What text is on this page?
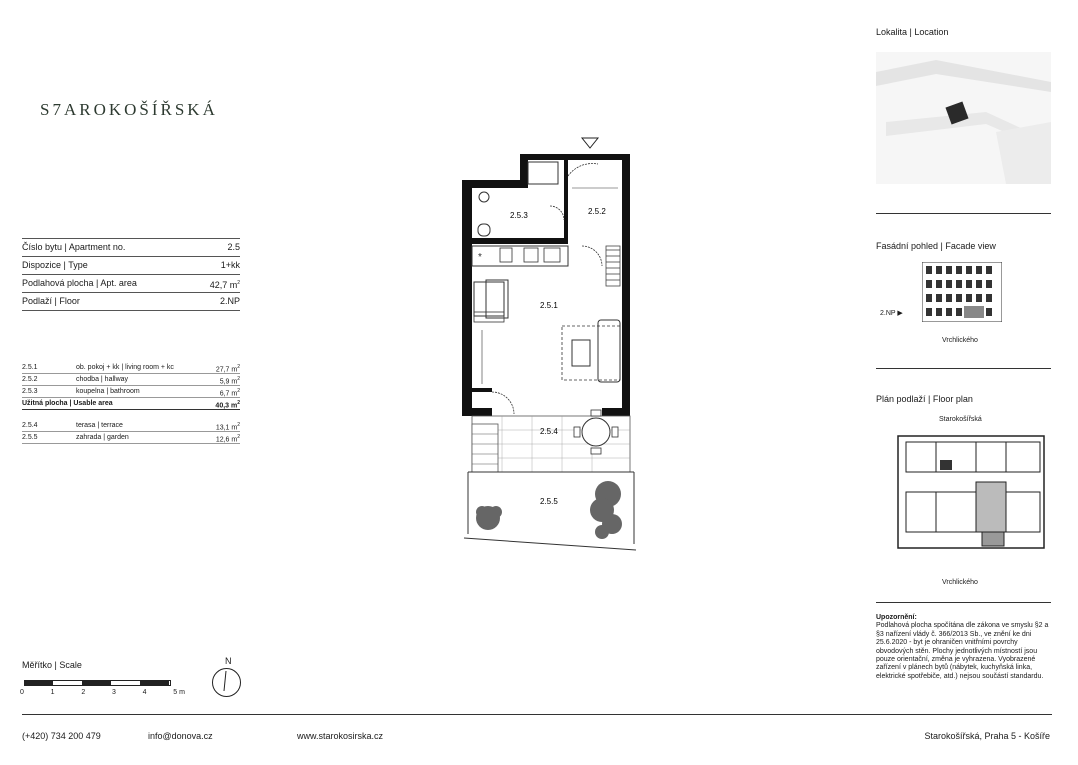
S7AROKOŠÍŘSKÁ
Číslo bytu | Apartment no.	2.5
Dispozice | Type	1+kk
Podlahová plocha | Apt. area	42,7 $m^2$
Podlaží | Floor	2.NP
2.5.1	ob. pokoj + kk | living room + kc	27,7 $m^2$
2.5.2	chodba | hallway	5,9 $m^2$
2.5.3	koupelna | bathroom	6,7 $m^2$
Užitná plocha | Usable area	40,3 $m^2$
2.5.4	terasa | terrace	13,1 $m^2$
2.5.5	zahrada | garden	12,6 $m^2$
*
2.5.3	2.5.2
2.5.1
2.5.4
2.5.5
Měřítko | Scale
0	1	2	3	4	5 m
N
Lokalita | Location
Fasádní pohled | Facade view
2.NP ▶
Vrchlického
Plán podlaží | Floor plan
Starokošířská
Vrchlického
Upozornění:
Podlahová plocha spočítána dle zákona ve smyslu §2 a §3 nařízení vlády č. 366/2013 Sb., ve znění ke dni 25.6.2020 - byt je ohraničen vnitřními povrchy obvodových stěn. Plochy jednotlivých místností jsou pouze orientační, změna je vyhrazena. Vyobrazené zařízení v plánech bytů (nábytek, kuchyňská linka, elektrické spotřebiče, atd.) nejsou součástí standardu.
(+420) 734 200 479	info@donova.cz	www.starokosirska.cz	Starokošířská, Praha 5 - Košíře
